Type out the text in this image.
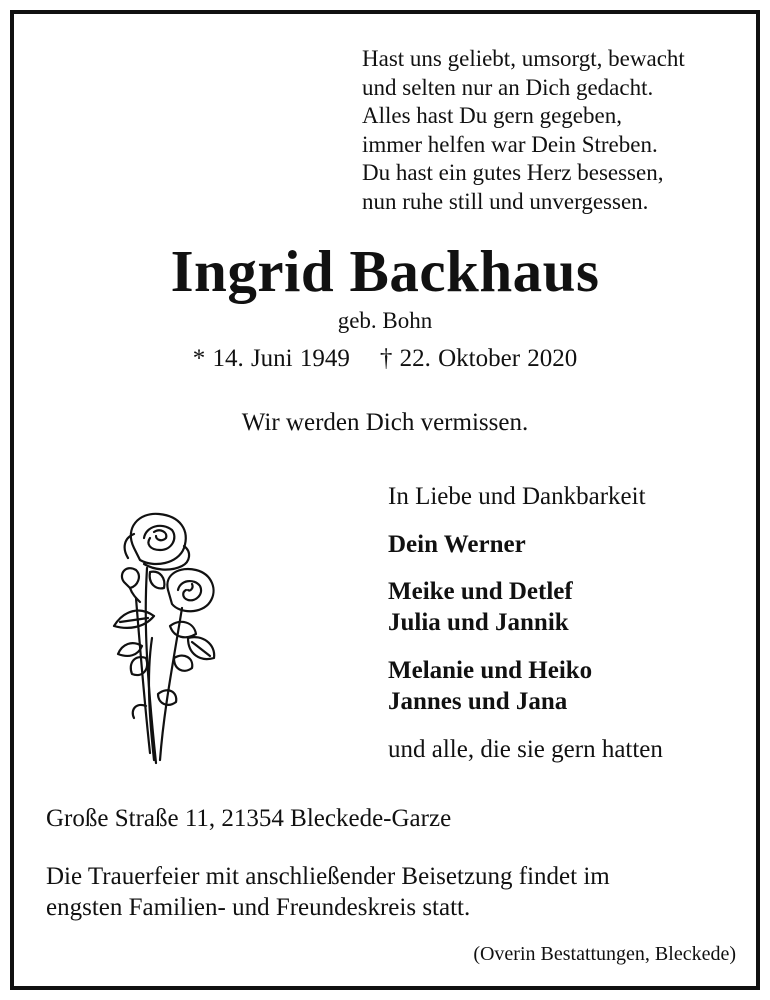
Hast uns geliebt, umsorgt, bewacht
und selten nur an Dich gedacht.
Alles hast Du gern gegeben,
immer helfen war Dein Streben.
Du hast ein gutes Herz besessen,
nun ruhe still und unvergessen.
Ingrid Backhaus
geb. Bohn
* 14. Juni 1949 † 22. Oktober 2020
Wir werden Dich vermissen.
In Liebe und Dankbarkeit
Dein Werner
Meike und Detlef
Julia und Jannik
Melanie und Heiko
Jannes und Jana
und alle, die sie gern hatten
Große Straße 11, 21354 Bleckede-Garze
Die Trauerfeier mit anschließender Beisetzung findet im
engsten Familien- und Freundeskreis statt.
(Overin Bestattungen, Bleckede)
